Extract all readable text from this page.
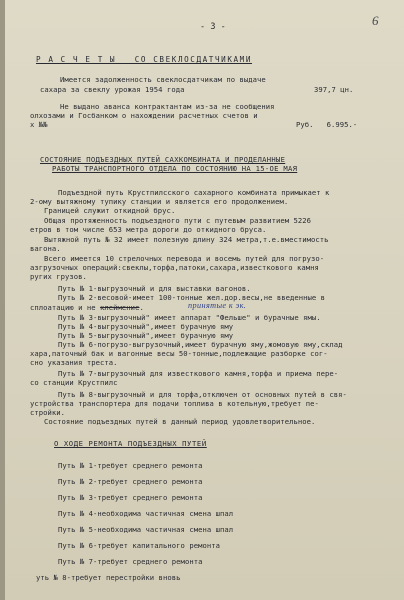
- 3 -	6
Р А С Ч Е Т Ы   СО СВЕКЛОСДАТЧИКАМИ
Имеется задолженность свеклосдатчикам по выдаче
сахара за свеклу урожая 1954 года	397,7 цн.
Не выдано аванса контрактантам из-за не сообщения
олхозами и Госбанком о нахождении расчетных счетов и
х №№	Руб.   6.995.-
СОСТОЯНИЕ ПОДЪЕЗДНЫХ ПУТЕЙ САХКОМБИНАТА И ПРОДЕЛАННЫЕ
РАБОТЫ ТРАНСПОРТНОГО ОТДЕЛА ПО СОСТОЯНИЮ НА 15-ОЕ МАЯ
Подъездной путь Крустпилсского сахарного комбината примыкает к
2-ому вытяжному тупику станции и является его продолжением.
Границей служит откидной брус.
Общая протяженность подъездного пути с путевым развитием 5226
етров в том числе 653 метра дороги до откидного бруса.
Вытяжной путь № 32 имеет полезную длину 324 метра,т.е.вместимость
вагона.
Всего имеется 10 стрелочных перевода и восемь путей для погрузо-
азгрузочных операций:свеклы,торфа,патоки,сахара,известкового камня
ругих грузов.
Путь № 1-выгрузочный и для выставки вагонов.
Путь № 2-весовой-имеет 100-тонные жел.дор.весы,не введенные в
сплоатацию и не клеймение.	принятые к эк.
Путь № 3-выгрузочный" имеет аппарат "Фельше" и бурачные ямы.
Путь № 4-выгрузочный",имеет бурачную яму
Путь № 5-выгрузочный",имеет бурачную яму
Путь № 6-погрузо-выгрузочный,имеет бурачную яму,жомовую яму,склад
хара,паточный бак и вагонные весы 50-тонные,подлежащие разборке сог-
сно указания треста.
Путь № 7-выгрузочный для известкового камня,торфа и приема пере-
со станции Крустпилс
Путь № 8-выгрузочный и для торфа,отключен от основных путей в свя-
устройства транспортера для подачи топлива в котельную,требует пе-
стройки.
Состояние подъездных путей в данный период удовлетворительное.
О ХОДЕ РЕМОНТА ПОДЪЕЗДНЫХ ПУТЕЙ
Путь № 1-требует среднего ремонта
Путь № 2-требует среднего ремонта
Путь № 3-требует среднего ремонта
Путь № 4-необходима частичная смена шпал
Путь № 5-необходима частичная смена шпал
Путь № 6-требует капитального ремонта
Путь № 7-требует среднего ремонта
уть № 8-требует перестройки вновь
